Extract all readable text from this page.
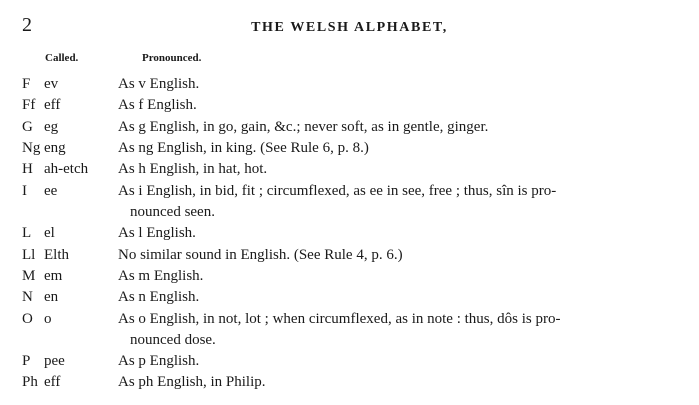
2	THE WELSH ALPHABET,
Called.	Pronounced.
F ev	As v English.
Ff eff	As f English.
G eg	As g English, in go, gain, &c.; never soft, as in gentle, ginger.
Ng eng	As ng English, in king. (See Rule 6, p. 8.)
H ah-etch As h English, in hat, hot.
I ee	As i English, in bid, fit ; circumflexed, as ee in see, free ; thus, sîn is pro-
nounced seen.
L el	As l English.
Ll Elth	No similar sound in English. (See Rule 4, p. 6.)
M em	As m English.
N en	As n English.
O o	As o English, in not, lot ; when circumflexed, as in note : thus, dôs is pro-
nounced dose.
P pee	As p English.
Ph eff	As ph English, in Philip.
